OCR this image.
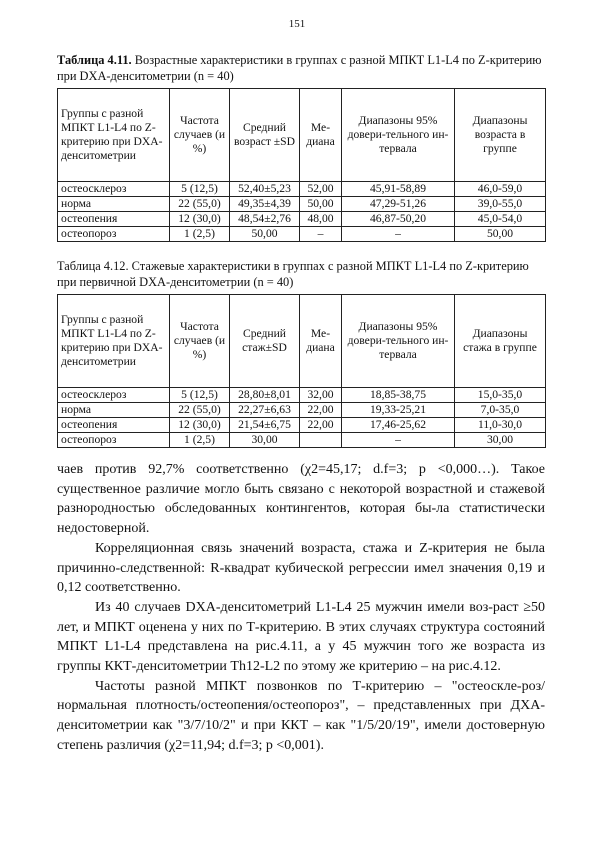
151
Таблица 4.11. Возрастные характеристики в группах с разной МПКТ L1-L4 по Z-критерию при DXA-денситометрии (n = 40)
Группы с разной МПКТ L1-L4 по Z-критерию при DXA-денситометрии	Частота случаев (и %)	Средний возраст ±SD	Ме-диана	Диапазоны 95% довери-тельного ин-тервала	Диапазоны возраста в группе
остеосклероз	5 (12,5)	52,40±5,23	52,00	45,91-58,89	46,0-59,0
норма	22 (55,0)	49,35±4,39	50,00	47,29-51,26	39,0-55,0
остеопения	12 (30,0)	48,54±2,76	48,00	46,87-50,20	45,0-54,0
остеопороз	1 (2,5)	50,00	–	–	50,00
Таблица 4.12. Стажевые характеристики в группах с разной МПКТ L1-L4 по Z-критерию при первичной DXA-денситометрии (n = 40)
Группы с разной МПКТ L1-L4 по Z-критерию при DXA-денситометрии	Частота случаев (и %)	Средний стаж±SD	Ме-диана	Диапазоны 95% довери-тельного ин-тервала	Диапазоны стажа в группе
остеосклероз	5 (12,5)	28,80±8,01	32,00	18,85-38,75	15,0-35,0
норма	22 (55,0)	22,27±6,63	22,00	19,33-25,21	7,0-35,0
остеопения	12 (30,0)	21,54±6,75	22,00	17,46-25,62	11,0-30,0
остеопороз	1 (2,5)	30,00		–	30,00

чаев против 92,7% соответственно (χ2=45,17; d.f=3; p <0,000…). Такое существенное различие могло быть связано с некоторой возрастной и стажевой разнородностью обследованных контингентов, которая бы-ла статистически недостоверной.

Корреляционная связь значений возраста, стажа и Z-критерия не была причинно-следственной: R-квадрат кубической регрессии имел значения 0,19 и 0,12 соответственно.

Из 40 случаев DXA-денситометрий L1-L4 25 мужчин имели воз-раст ≥50 лет, и МПКТ оценена у них по Т-критерию. В этих случаях структура состояний МПКТ L1-L4 представлена на рис.4.11, а у 45 мужчин того же возраста из группы ККТ-денситометрии Th12-L2 по этому же критерию – на рис.4.12.

Частоты разной МПКТ позвонков по Т-критерию – "остеоскле-роз/нормальная плотность/остеопения/остеопороз", – представленных при ДХА-денситометрии как "3/7/10/2" и при ККТ – как "1/5/20/19", имели достоверную степень различия (χ2=11,94; d.f=3; p <0,001).
